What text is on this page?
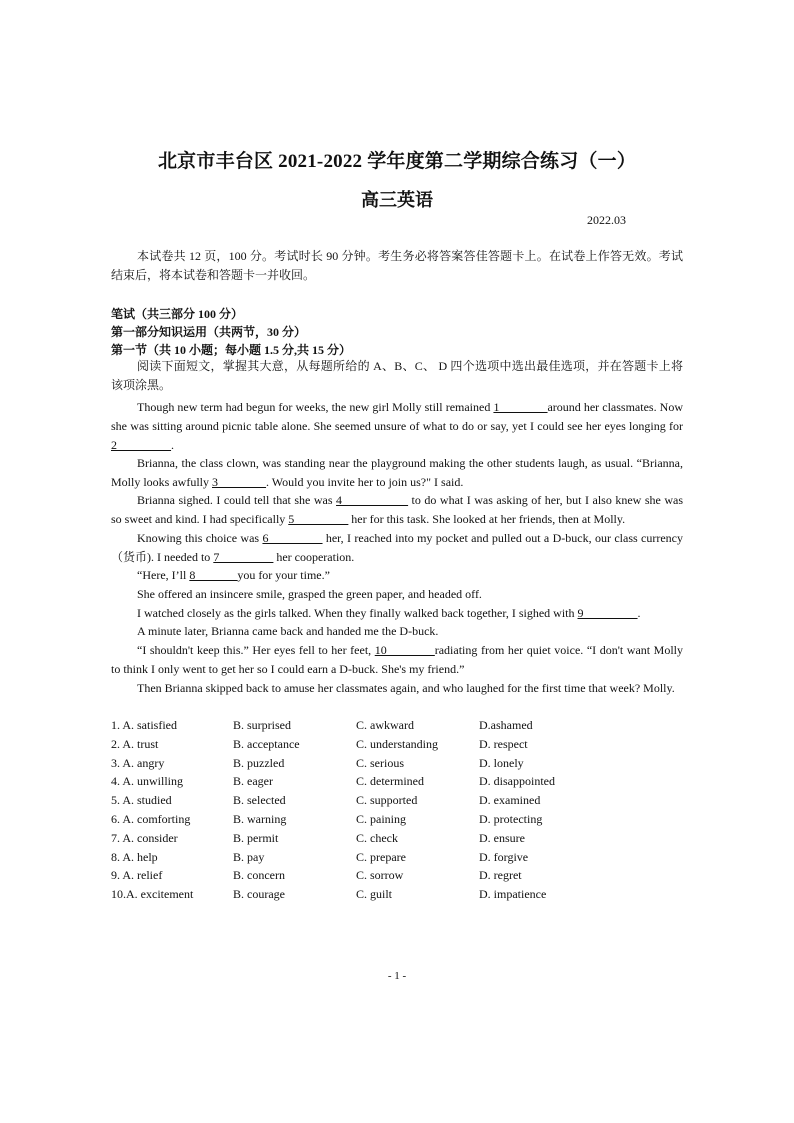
北京市丰台区 2021-2022 学年度第二学期综合练习（一）
高三英语
2022.03
本试卷共 12 页，100 分。考试时长 90 分钟。考生务必将答案答佳答题卡上。在试卷上作答无效。考试结束后，将本试卷和答题卡一并收回。
笔试（共三部分 100 分）
第一部分知识运用（共两节，30 分）
第一节（共 10 小题；每小题 1.5 分,共 15 分）
阅读下面短文，掌握其大意，从每题所给的 A、B、C、 D 四个选项中选出最佳选项，并在答题卡上将该项涂黑。
Though new term had begun for weeks, the new girl Molly still remained 1________around her classmates. Now she was sitting around picnic table alone. She seemed unsure of what to do or say, yet I could see her eyes longing for 2_________.
Brianna, the class clown, was standing near the playground making the other students laugh, as usual. “Brianna, Molly looks awfully 3________. Would you invite her to join us?" I said.
Brianna sighed. I could tell that she was 4___________ to do what I was asking of her, but I also knew she was so sweet and kind. I had specifically 5_________ her for this task. She looked at her friends, then at Molly.
Knowing this choice was 6_________ her, I reached into my pocket and pulled out a D-buck, our class currency（货币). I needed to 7_________ her cooperation.
“Here, I’ll 8_______you for your time.”
She offered an insincere smile, grasped the green paper, and headed off.
I watched closely as the girls talked. When they finally walked back together, I sighed with 9_________.
A minute later, Brianna came back and handed me the D-buck.
“I shouldn't keep this.” Her eyes fell to her feet, 10________radiating from her quiet voice. “I don't want Molly to think I only went to get her so I could earn a D-buck. She's my friend.”
Then Brianna skipped back to amuse her classmates again, and who laughed for the first time that week? Molly.
1. A. satisfied	B. surprised	C. awkward	D.ashamed
2. A. trust	B. acceptance	C. understanding	D. respect
3. A. angry	B. puzzled	C. serious	D. lonely
4. A. unwilling	B. eager	C. determined	D. disappointed
5. A. studied	B. selected	C. supported	D. examined
6. A. comforting	B. warning	C. paining	D. protecting
7. A. consider	B. permit	C. check	D. ensure
8. A. help	B. pay	C. prepare	D. forgive
9. A. relief	B. concern	C. sorrow	D. regret
10.A. excitement	B. courage	C. guilt	D. impatience
- 1 -
